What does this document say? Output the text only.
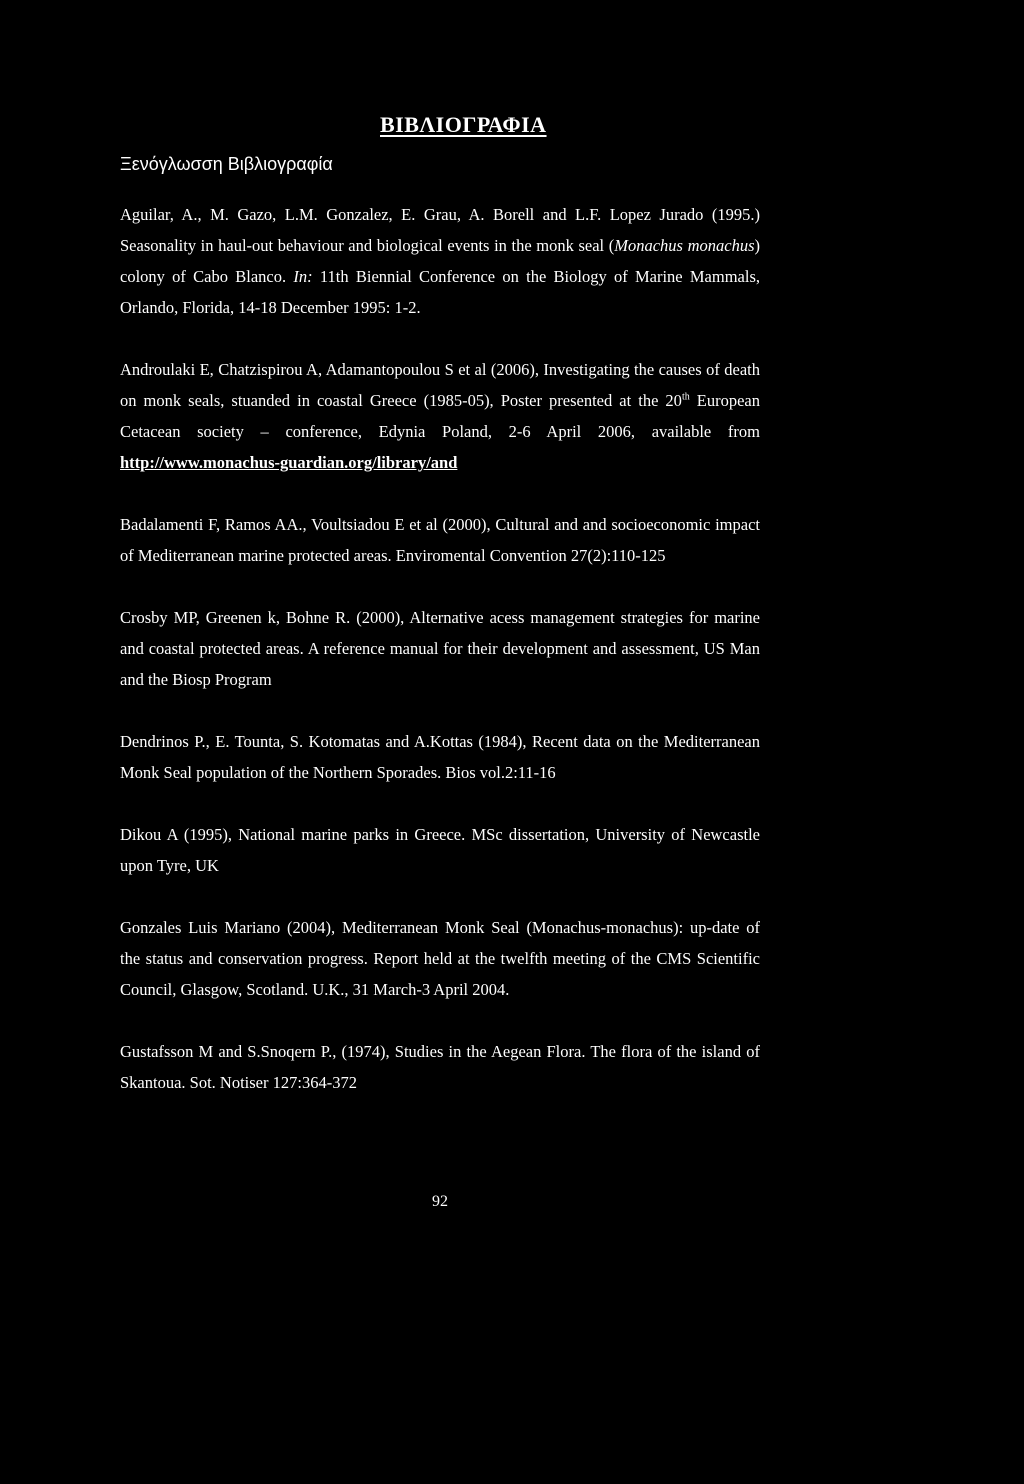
ΒΙΒΛΙΟΓΡΑΦΙΑ
Ξενόγλωσση Βιβλιογραφία

Aguilar, A., M. Gazo, L.M. Gonzalez, E. Grau, A. Borell and L.F. Lopez Jurado (1995.) Seasonality in haul-out behaviour and biological events in the monk seal (Monachus monachus) colony of Cabo Blanco. In: 11th Biennial Conference on the Biology of Marine Mammals, Orlando, Florida, 14-18 December 1995: 1-2.

Androulaki E, Chatzispirou A, Adamantopoulou S et al (2006), Investigating the causes of death on monk seals, stuanded in coastal Greece (1985-05), Poster presented at the 20th European Cetacean society – conference, Edynia Poland, 2-6 April 2006, available from http://www.monachus-guardian.org/library/and

Badalamenti F, Ramos AA., Voultsiadou E et al (2000), Cultural and and socioeconomic impact of Mediterranean marine protected areas. Enviromental Convention 27(2):110-125

Crosby MP, Greenen k, Bohne R. (2000), Alternative acess management strategies for marine and coastal protected areas. A reference manual for their development and assessment, US Man and the Biosp Program

Dendrinos P., E. Tounta, S. Kotomatas and A.Kottas (1984), Recent data on the Mediterranean Monk Seal population of the Northern Sporades. Bios vol.2:11-16

Dikou A (1995), National marine parks in Greece. MSc dissertation, University of Newcastle upon Tyre, UK

Gonzales Luis Mariano (2004), Mediterranean Monk Seal (Monachus-monachus): up-date of the status and conservation progress. Report held at the twelfth meeting of the CMS Scientific Council, Glasgow, Scotland. U.K., 31 March-3 April 2004.

Gustafsson M and S.Snoqern P., (1974), Studies in the Aegean Flora. The flora of the island of Skantoua. Sot. Notiser 127:364-372

92
